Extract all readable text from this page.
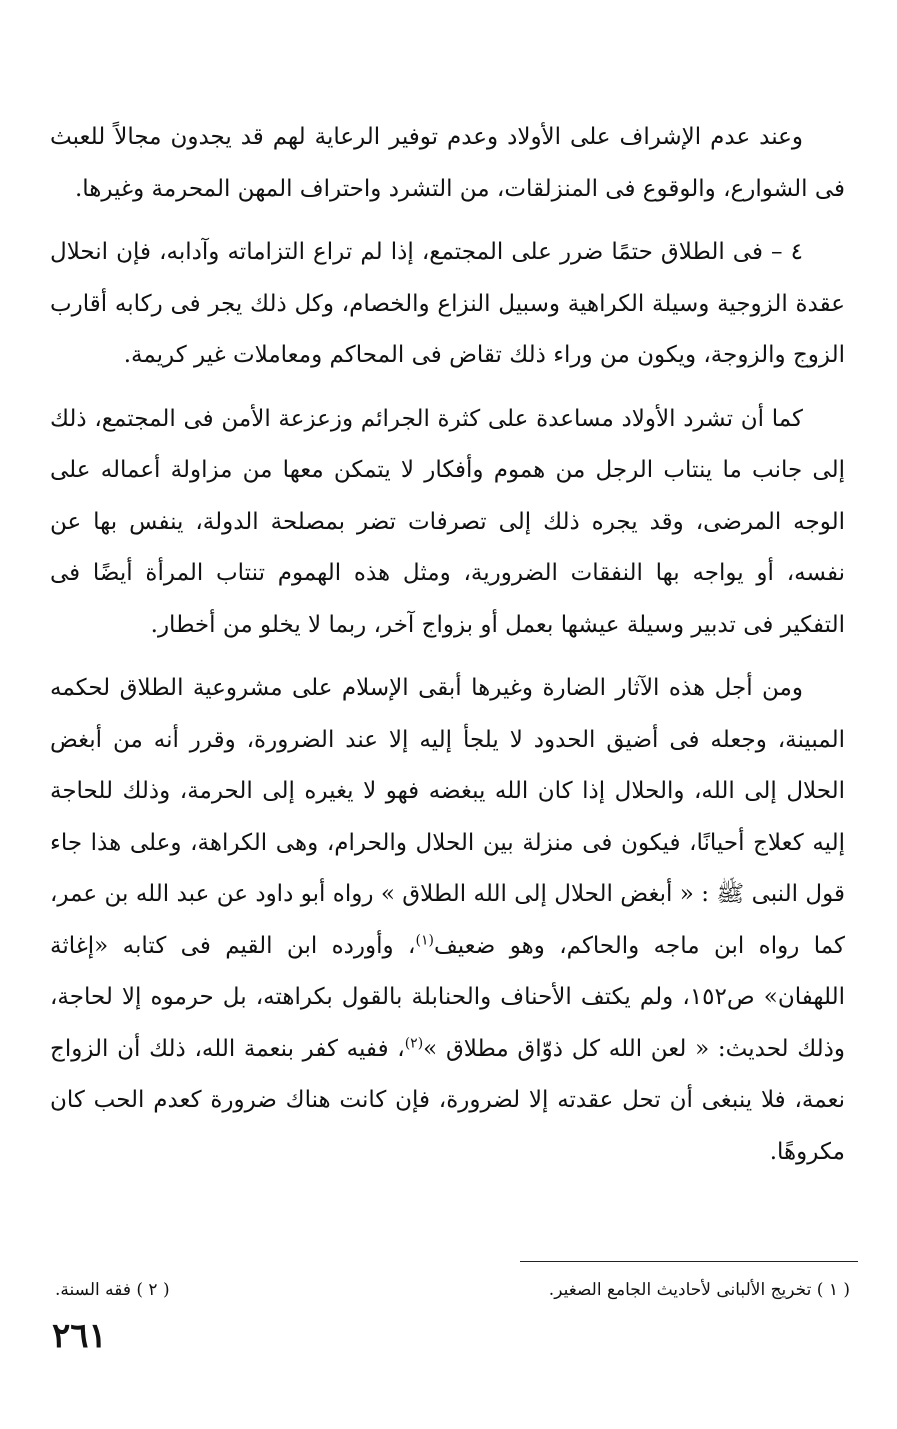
وعند عدم الإشراف على الأولاد وعدم توفير الرعاية لهم قد يجدون مجالاً للعبث فى الشوارع، والوقوع فى المنزلقات، من التشرد واحتراف المهن المحرمة وغيرها.

٤ – فى الطلاق حتمًا ضرر على المجتمع، إذا لم تراع التزاماته وآدابه، فإن انحلال عقدة الزوجية وسيلة الكراهية وسبيل النزاع والخصام، وكل ذلك يجر فى ركابه أقارب الزوج والزوجة، ويكون من وراء ذلك تقاض فى المحاكم ومعاملات غير كريمة.

كما أن تشرد الأولاد مساعدة على كثرة الجرائم وزعزعة الأمن فى المجتمع، ذلك إلى جانب ما ينتاب الرجل من هموم وأفكار لا يتمكن معها من مزاولة أعماله على الوجه المرضى، وقد يجره ذلك إلى تصرفات تضر بمصلحة الدولة، ينفس بها عن نفسه، أو يواجه بها النفقات الضرورية، ومثل هذه الهموم تنتاب المرأة أيضًا فى التفكير فى تدبير وسيلة عيشها بعمل أو بزواج آخر، ربما لا يخلو من أخطار.

ومن أجل هذه الآثار الضارة وغيرها أبقى الإسلام على مشروعية الطلاق لحكمه المبينة، وجعله فى أضيق الحدود لا يلجأ إليه إلا عند الضرورة، وقرر أنه من أبغض الحلال إلى الله، والحلال إذا كان الله يبغضه فهو لا يغيره إلى الحرمة، وذلك للحاجة إليه كعلاج أحيانًا، فيكون فى منزلة بين الحلال والحرام، وهى الكراهة، وعلى هذا جاء قول النبى ﷺ : « أبغض الحلال إلى الله الطلاق » رواه أبو داود عن عبد الله بن عمر، كما رواه ابن ماجه والحاكم، وهو ضعيف$^{(١)}$، وأورده ابن القيم فى كتابه «إغاثة اللهفان» ص١٥٢، ولم يكتف الأحناف والحنابلة بالقول بكراهته، بل حرموه إلا لحاجة، وذلك لحديث: « لعن الله كل ذوّاق مطلاق »$^{(٢)}$، ففيه كفر بنعمة الله، ذلك أن الزواج نعمة، فلا ينبغى أن تحل عقدته إلا لضرورة، فإن كانت هناك ضرورة كعدم الحب كان مكروهًا.

( ١ ) تخريج الألبانى لأحاديث الجامع الصغير.
( ٢ ) فقه السنة.
٢٦١
